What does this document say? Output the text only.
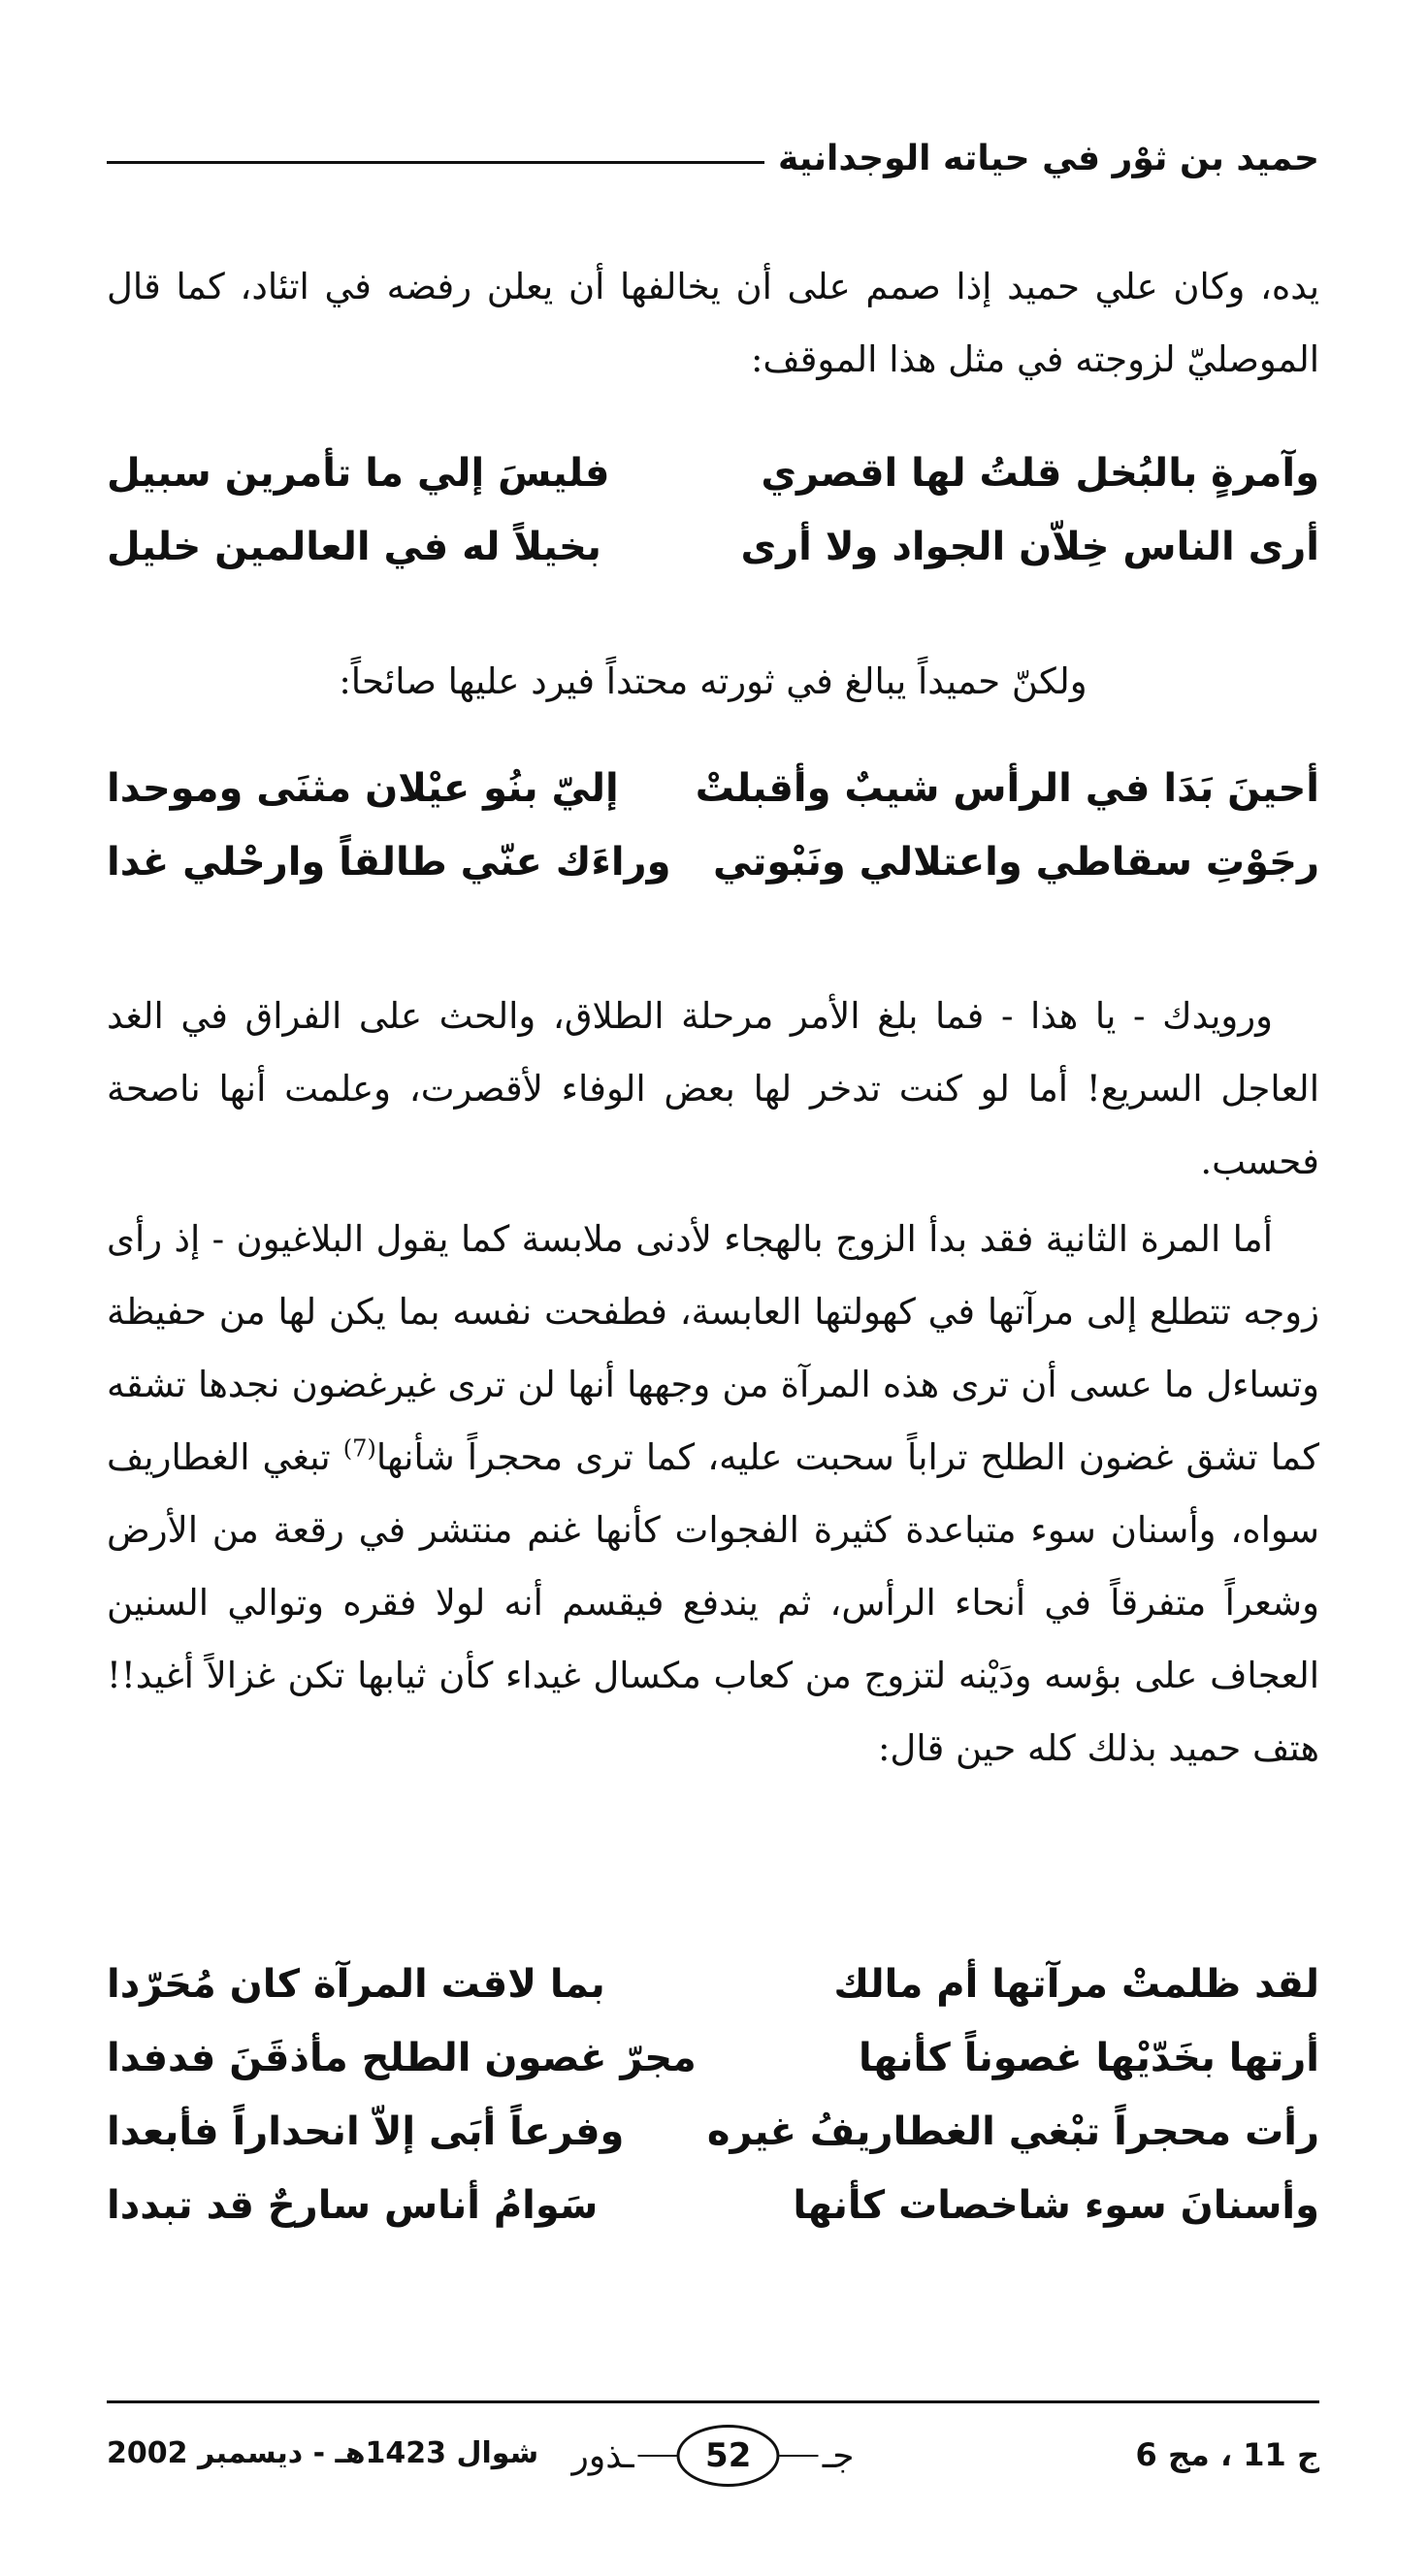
حميد بن ثوْر في حياته الوجدانية

يده، وكان علي حميد إذا صمم على أن يخالفها أن يعلن رفضه في اتئاد، كما قال الموصليّ لزوجته في مثل هذا الموقف:

وآمرةٍ بالبُخل قلتُ لها اقصري
فليسَ إلي ما تأمرين سبيل
أرى الناس خِلاّن الجواد ولا أرى
بخيلاً له في العالمين خليل

ولكنّ حميداً يبالغ في ثورته محتداً فيرد عليها صائحاً:

أحينَ بَدَا في الرأس شيبٌ وأقبلتْ
إليّ بنُو عيْلان مثنَى وموحدا
رجَوْتِ سقاطي واعتلالي ونَبْوتي
وراءَك عنّي طالقاً وارحْلي غدا

ورويدك - يا هذا - فما بلغ الأمر مرحلة الطلاق، والحث على الفراق في الغد العاجل السريع! أما لو كنت تدخر لها بعض الوفاء لأقصرت، وعلمت أنها ناصحة فحسب.

أما المرة الثانية فقد بدأ الزوج بالهجاء لأدنى ملابسة كما يقول البلاغيون - إذ رأى زوجه تتطلع إلى مرآتها في كهولتها العابسة، فطفحت نفسه بما يكن لها من حفيظة وتساءل ما عسى أن ترى هذه المرآة من وجهها أنها لن ترى غيرغضون نجدها تشقه كما تشق غضون الطلح تراباً سحبت عليه، كما ترى محجراً شأنها$^{(7)}$ تبغي الغطاريف سواه، وأسنان سوء متباعدة كثيرة الفجوات كأنها غنم منتشر في رقعة من الأرض وشعراً متفرقاً في أنحاء الرأس، ثم يندفع فيقسم أنه لولا فقره وتوالي السنين العجاف على بؤسه ودَيْنه لتزوج من كعاب مكسال غيداء كأن ثيابها تكن غزالاً أغيد!! هتف حميد بذلك كله حين قال:

لقد ظلمتْ مرآتها أم مالك
بما لاقت المرآة كان مُحَرّدا
أرتها بخَدّيْها غصوناً كأنها
مجرّ غصون الطلح مأذقَنَ فدفدا
رأت محجراً تبْغي الغطاريفُ غيره
وفرعاً أبَى إلاّ انحداراً فأبعدا
وأسنانَ سوء شاخصات كأنها
سَوامُ أناس سارحٌ قد تبددا
ج 11 ، مج 6
جـ
52
ـذور
شوال 1423هـ - ديسمبر 2002
